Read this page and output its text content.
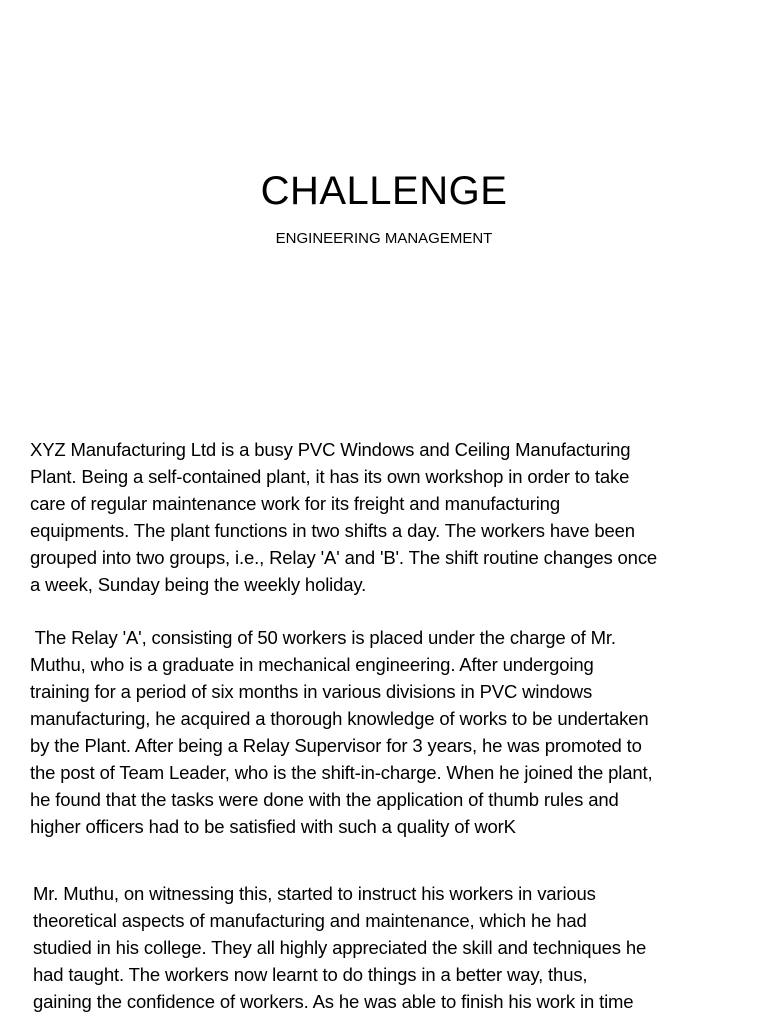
CHALLENGE
ENGINEERING MANAGEMENT

XYZ Manufacturing Ltd is a busy PVC Windows and Ceiling Manufacturing
Plant. Being a self-contained plant, it has its own workshop in order to take
care of regular maintenance work for its freight and manufacturing
equipments. The plant functions in two shifts a day. The workers have been
grouped into two groups, i.e., Relay 'A' and 'B'. The shift routine changes once
a week, Sunday being the weekly holiday.

The Relay 'A', consisting of 50 workers is placed under the charge of Mr.
Muthu, who is a graduate in mechanical engineering. After undergoing
training for a period of six months in various divisions in PVC windows
manufacturing, he acquired a thorough knowledge of works to be undertaken
by the Plant. After being a Relay Supervisor for 3 years, he was promoted to
the post of Team Leader, who is the shift-in-charge. When he joined the plant,
he found that the tasks were done with the application of thumb rules and
higher officers had to be satisfied with such a quality of worK

Mr. Muthu, on witnessing this, started to instruct his workers in various
theoretical aspects of manufacturing and maintenance, which he had
studied in his college. They all highly appreciated the skill and techniques he
had taught. The workers now learnt to do things in a better way, thus,
gaining the confidence of workers. As he was able to finish his work in time
